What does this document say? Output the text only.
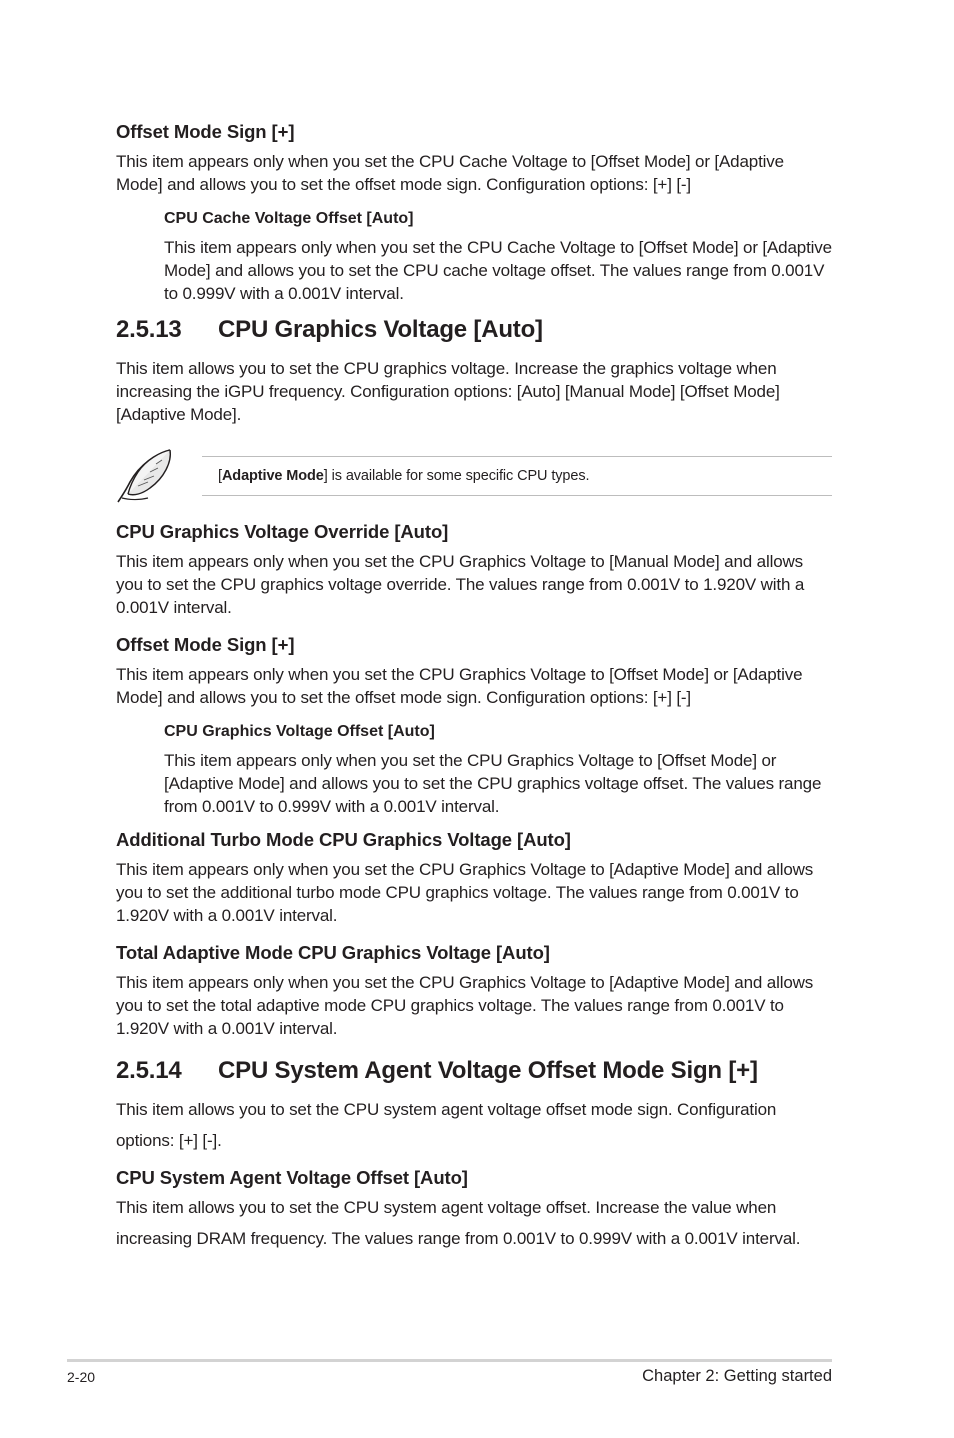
Offset Mode Sign [+]

This item appears only when you set the CPU Cache Voltage to [Offset Mode] or [Adaptive Mode] and allows you to set the offset mode sign. Configuration options: [+] [-]

CPU Cache Voltage Offset [Auto]

This item appears only when you set the CPU Cache Voltage to [Offset Mode] or [Adaptive Mode] and allows you to set the CPU cache voltage offset. The values range from 0.001V to 0.999V with a 0.001V interval.

2.5.13	CPU Graphics Voltage [Auto]

This item allows you to set the CPU graphics voltage. Increase the graphics voltage when increasing the iGPU frequency. Configuration options: [Auto] [Manual Mode] [Offset Mode] [Adaptive Mode].

[ Adaptive Mode ] is available for some specific CPU types.
CPU Graphics Voltage Override [Auto]

This item appears only when you set the CPU Graphics Voltage to [Manual Mode] and allows you to set the CPU graphics voltage override. The values range from 0.001V to 1.920V with a 0.001V interval.

Offset Mode Sign [+]

This item appears only when you set the CPU Graphics Voltage to [Offset Mode] or [Adaptive Mode] and allows you to set the offset mode sign. Configuration options: [+] [-]

CPU Graphics Voltage Offset [Auto]

This item appears only when you set the CPU Graphics Voltage to [Offset Mode] or [Adaptive Mode] and allows you to set the CPU graphics voltage offset. The values range from 0.001V to 0.999V with a 0.001V interval.

Additional Turbo Mode CPU Graphics Voltage [Auto]

This item appears only when you set the CPU Graphics Voltage to [Adaptive Mode] and allows you to set the additional turbo mode CPU graphics voltage. The values range from 0.001V to 1.920V with a 0.001V interval.

Total Adaptive Mode CPU Graphics Voltage [Auto]

This item appears only when you set the CPU Graphics Voltage to [Adaptive Mode] and allows you to set the total adaptive mode CPU graphics voltage. The values range from 0.001V to 1.920V with a 0.001V interval.

2.5.14	CPU System Agent Voltage Offset Mode Sign [+]

This item allows you to set the CPU system agent voltage offset mode sign. Configuration options: [+] [-].

CPU System Agent Voltage Offset [Auto]

This item allows you to set the CPU system agent voltage offset. Increase the value when increasing DRAM frequency. The values range from 0.001V to 0.999V with a 0.001V interval.

2-20	Chapter 2: Getting started
